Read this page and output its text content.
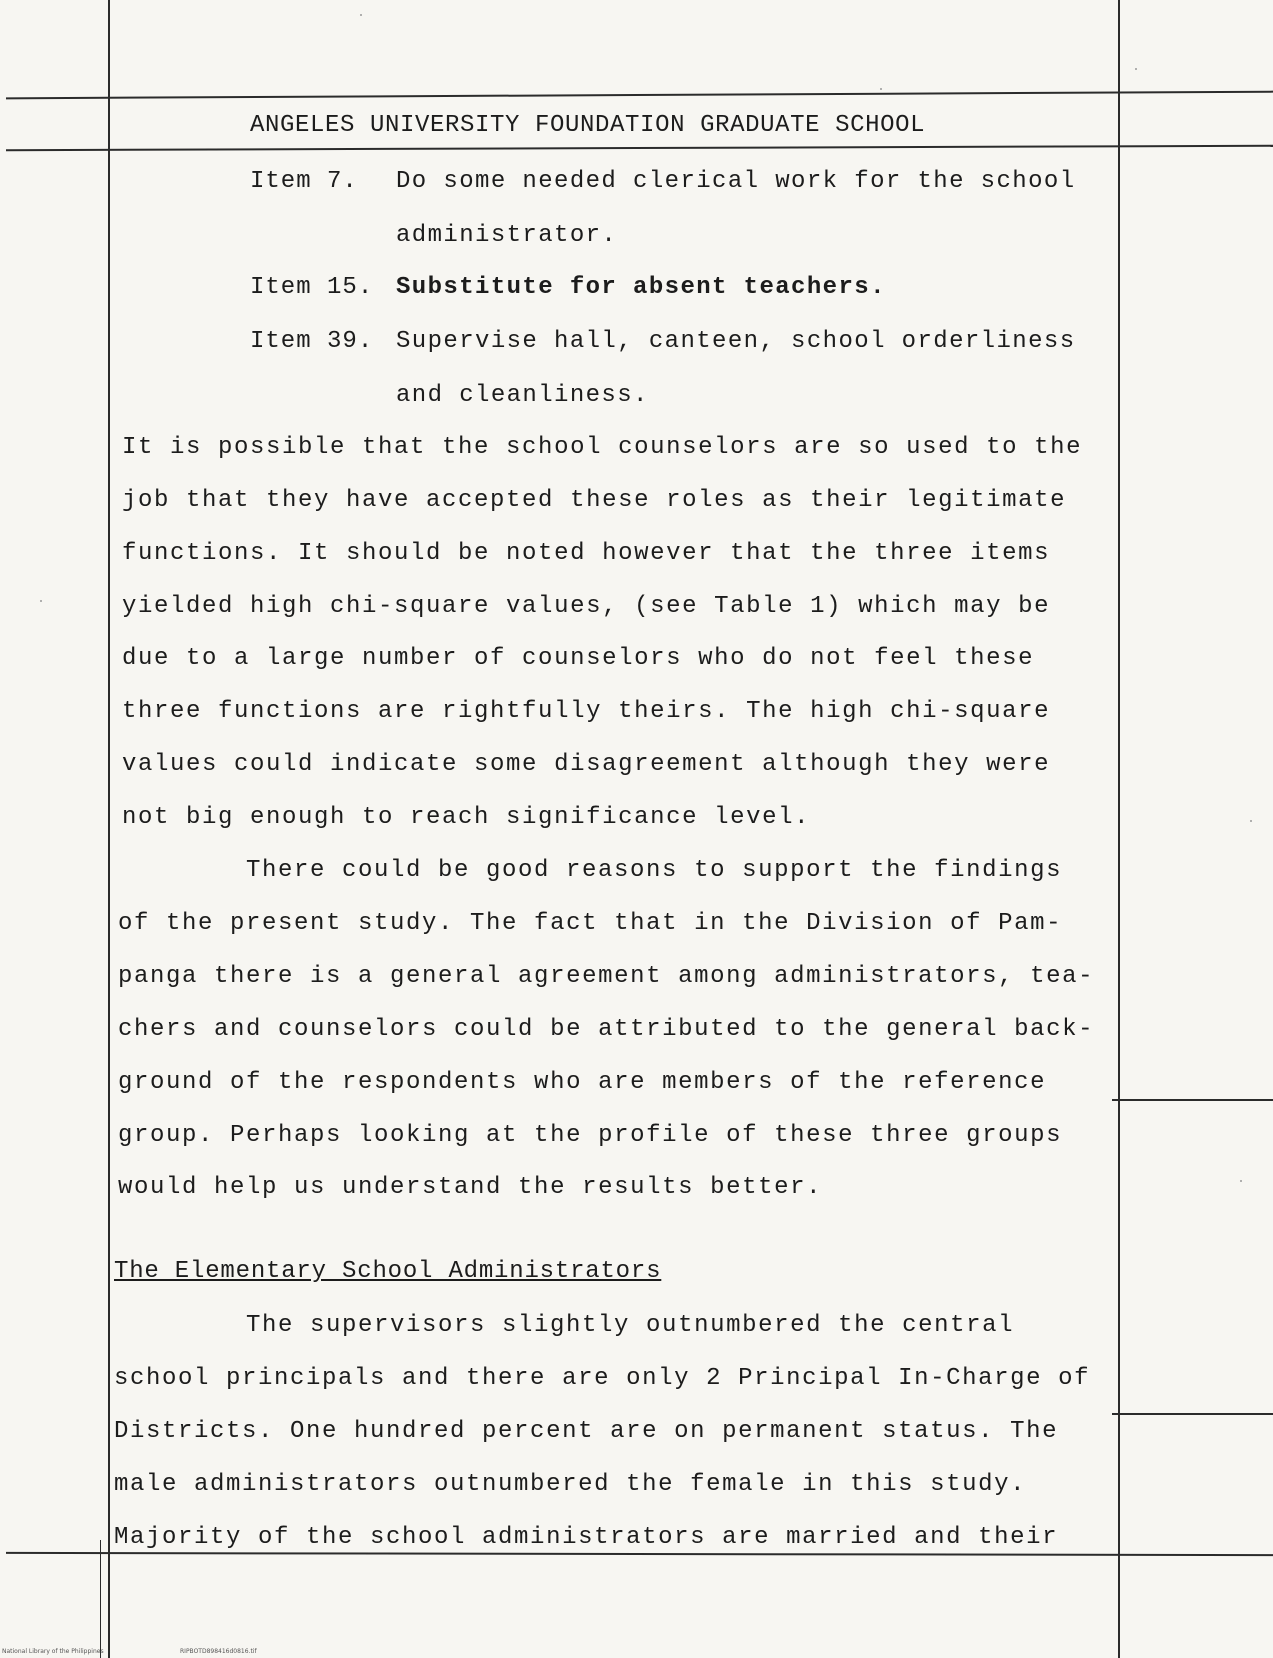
ANGELES UNIVERSITY FOUNDATION GRADUATE SCHOOL
Item 7. Do some needed clerical work for the school
administrator.
Item 15. Substitute for absent teachers.
Item 39. Supervise hall, canteen, school orderliness
and cleanliness.
It is possible that the school counselors are so used to the
job that they have accepted these roles as their legitimate
functions. It should be noted however that the three items
yielded high chi-square values, (see Table 1) which may be
due to a large number of counselors who do not feel these
three functions are rightfully theirs. The high chi-square
values could indicate some disagreement although they were
not big enough to reach significance level.
There could be good reasons to support the findings
of the present study. The fact that in the Division of Pam-
panga there is a general agreement among administrators, tea-
chers and counselors could be attributed to the general back-
ground of the respondents who are members of the reference
group. Perhaps looking at the profile of these three groups
would help us understand the results better.
The Elementary School Administrators
The supervisors slightly outnumbered the central
school principals and there are only 2 Principal In-Charge of
Districts. One hundred percent are on permanent status. The
male administrators outnumbered the female in this study.
Majority of the school administrators are married and their
National Library of the Philippines	RIPBOTD898416d0816.tif
